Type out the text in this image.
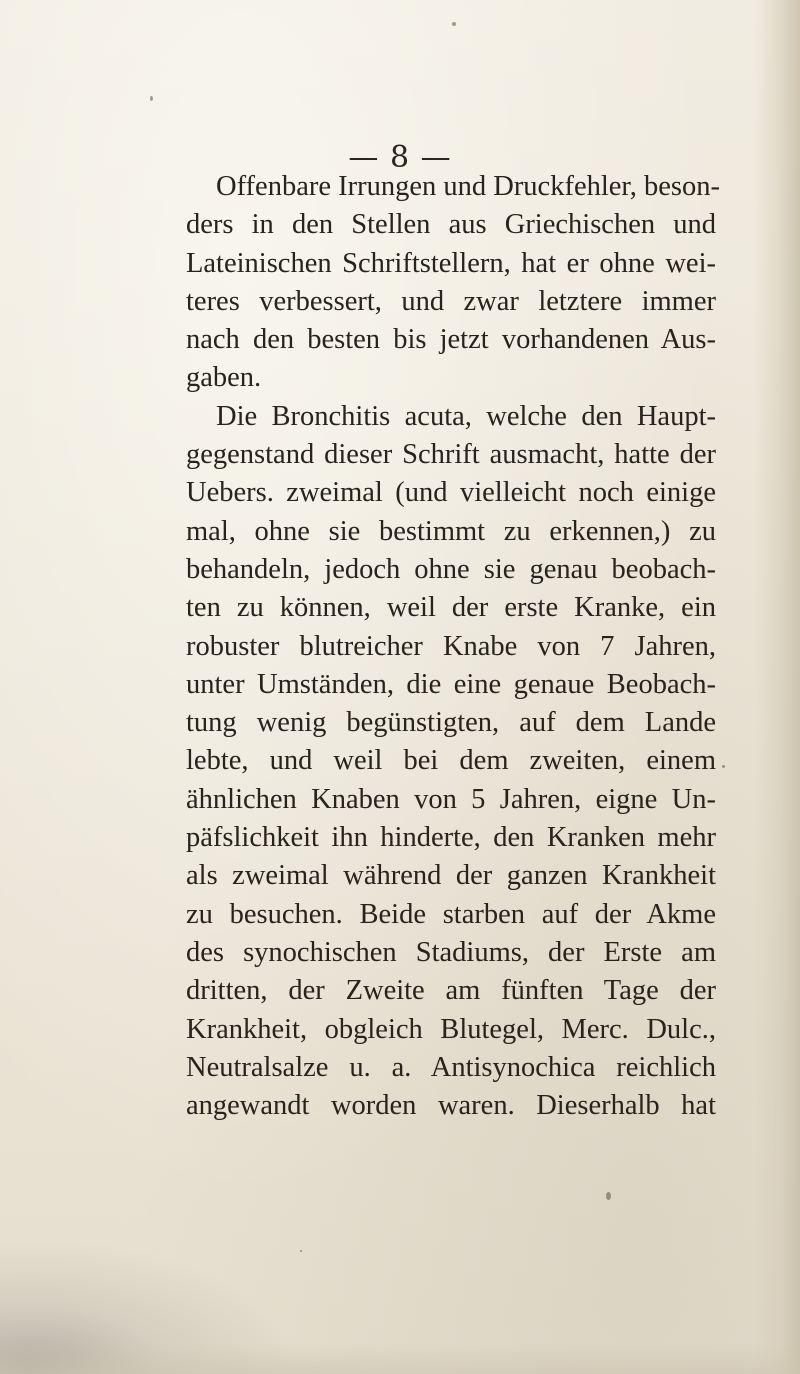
— 8 —
Offenbare Irrungen und Druckfehler, beson-
ders in den Stellen aus Griechischen und
Lateinischen Schriftstellern, hat er ohne wei-
teres verbessert, und zwar letztere immer
nach den besten bis jetzt vorhandenen Aus-
gaben.
Die Bronchitis acuta, welche den Haupt-
gegenstand dieser Schrift ausmacht, hatte der
Uebers. zweimal (und vielleicht noch einige
mal, ohne sie bestimmt zu erkennen,) zu
behandeln, jedoch ohne sie genau beobach-
ten zu können, weil der erste Kranke, ein
robuster blutreicher Knabe von 7 Jahren,
unter Umständen, die eine genaue Beobach-
tung wenig begünstigten, auf dem Lande
lebte, und weil bei dem zweiten, einem
ähnlichen Knaben von 5 Jahren, eigne Un-
päfslichkeit ihn hinderte, den Kranken mehr
als zweimal während der ganzen Krankheit
zu besuchen. Beide starben auf der Akme
des synochischen Stadiums, der Erste am
dritten, der Zweite am fünften Tage der
Krankheit, obgleich Blutegel, Merc. Dulc.,
Neutralsalze u. a. Antisynochica reichlich
angewandt worden waren. Dieserhalb hat
